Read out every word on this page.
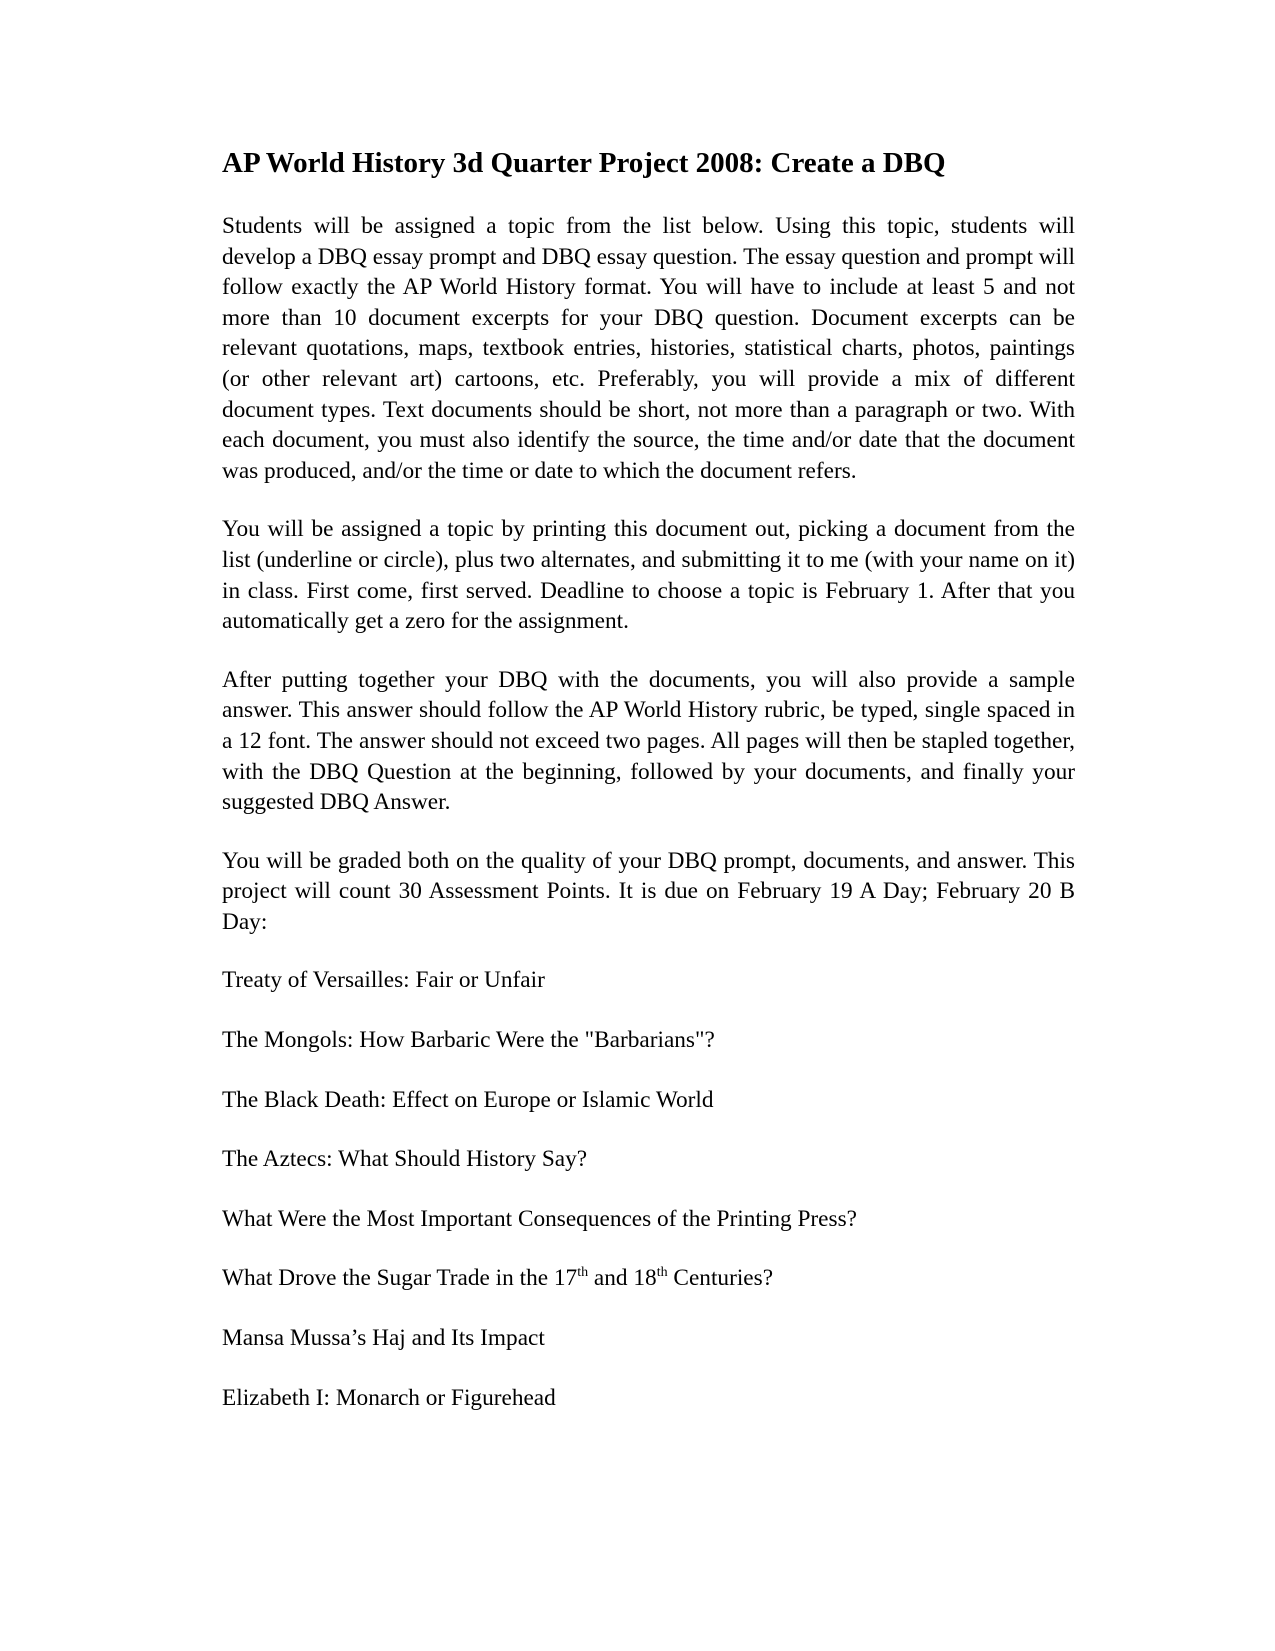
AP World History 3d Quarter Project 2008: Create a DBQ

Students will be assigned a topic from the list below. Using this topic, students will develop a DBQ essay prompt and DBQ essay question. The essay question and prompt will follow exactly the AP World History format. You will have to include at least 5 and not more than 10 document excerpts for your DBQ question. Document excerpts can be relevant quotations, maps, textbook entries, histories, statistical charts, photos, paintings (or other relevant art) cartoons, etc. Preferably, you will provide a mix of different document types. Text documents should be short, not more than a paragraph or two. With each document, you must also identify the source, the time and/or date that the document was produced, and/or the time or date to which the document refers.

You will be assigned a topic by printing this document out, picking a document from the list (underline or circle), plus two alternates, and submitting it to me (with your name on it) in class. First come, first served. Deadline to choose a topic is February 1. After that you automatically get a zero for the assignment.

After putting together your DBQ with the documents, you will also provide a sample answer. This answer should follow the AP World History rubric, be typed, single spaced in a 12 font. The answer should not exceed two pages. All pages will then be stapled together, with the DBQ Question at the beginning, followed by your documents, and finally your suggested DBQ Answer.

You will be graded both on the quality of your DBQ prompt, documents, and answer. This project will count 30 Assessment Points. It is due on February 19 A Day; February 20 B Day:

Treaty of Versailles: Fair or Unfair
The Mongols: How Barbaric Were the "Barbarians"?
The Black Death: Effect on Europe or Islamic World
The Aztecs: What Should History Say?
What Were the Most Important Consequences of the Printing Press?
What Drove the Sugar Trade in the 17th and 18th Centuries?
Mansa Mussa’s Haj and Its Impact
Elizabeth I: Monarch or Figurehead
